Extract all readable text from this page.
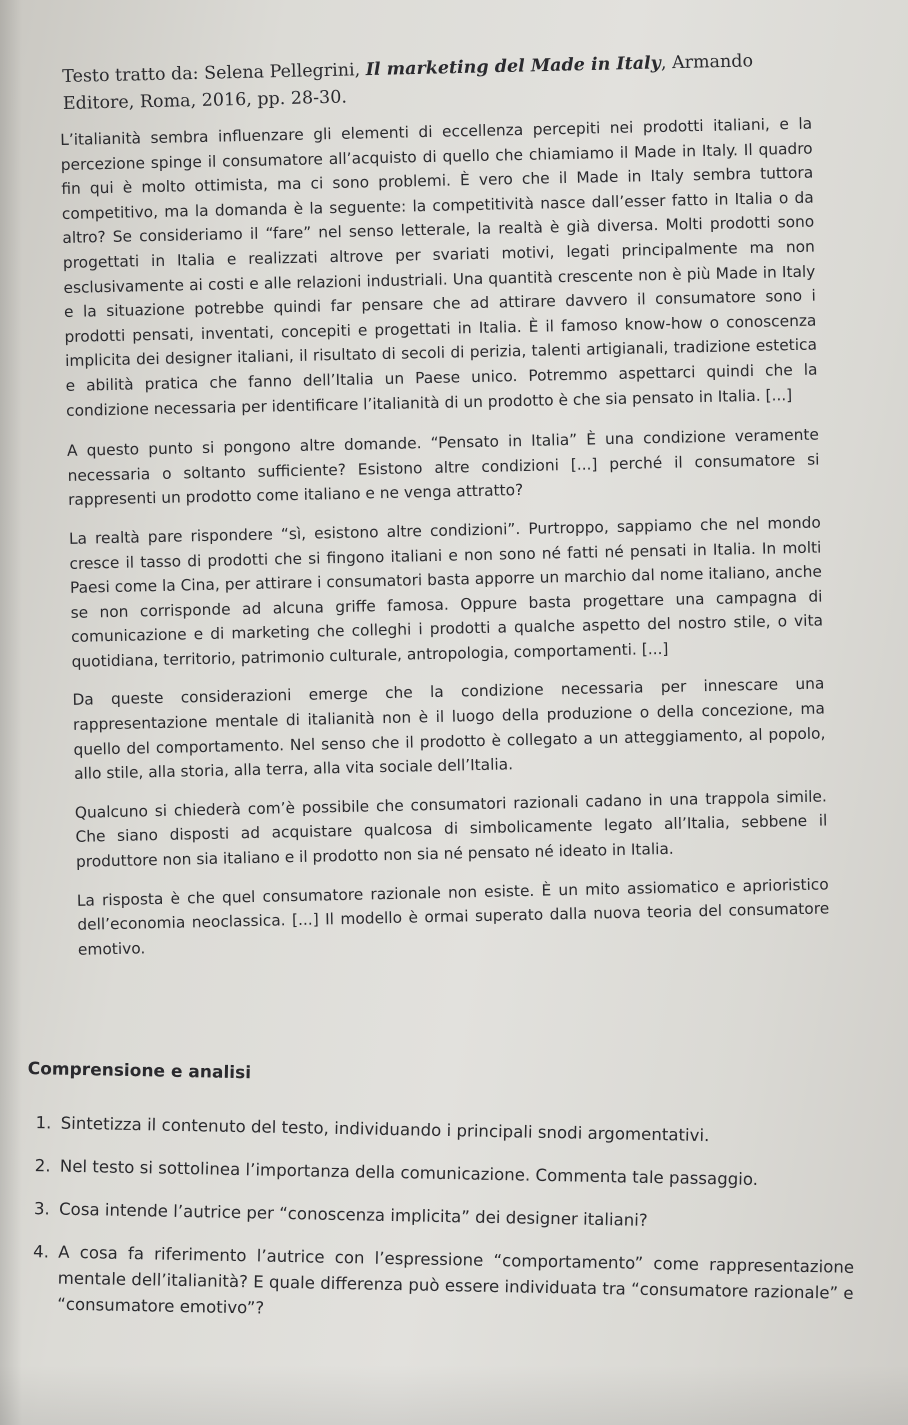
Testo tratto da: Selena Pellegrini, Il marketing del Made in Italy, Armando Editore, Roma, 2016, pp. 28-30.

L’italianità sembra influenzare gli elementi di eccellenza percepiti nei prodotti italiani, e la percezione spinge il consumatore all’acquisto di quello che chiamiamo il Made in Italy. Il quadro fin qui è molto ottimista, ma ci sono problemi. È vero che il Made in Italy sembra tuttora competitivo, ma la domanda è la seguente: la competitività nasce dall’esser fatto in Italia o da altro? Se consideriamo il “fare” nel senso letterale, la realtà è già diversa. Molti prodotti sono progettati in Italia e realizzati altrove per svariati motivi, legati principalmente ma non esclusivamente ai costi e alle relazioni industriali. Una quantità crescente non è più Made in Italy e la situazione potrebbe quindi far pensare che ad attirare davvero il consumatore sono i prodotti pensati, inventati, concepiti e progettati in Italia. È il famoso know-how o conoscenza implicita dei designer italiani, il risultato di secoli di perizia, talenti artigianali, tradizione estetica e abilità pratica che fanno dell’Italia un Paese unico. Potremmo aspettarci quindi che la condizione necessaria per identificare l’italianità di un prodotto è che sia pensato in Italia. [...]

A questo punto si pongono altre domande. “Pensato in Italia” È una condizione veramente necessaria o soltanto sufficiente? Esistono altre condizioni [...] perché il consumatore si rappresenti un prodotto come italiano e ne venga attratto?

La realtà pare rispondere “sì, esistono altre condizioni”. Purtroppo, sappiamo che nel mondo cresce il tasso di prodotti che si fingono italiani e non sono né fatti né pensati in Italia. In molti Paesi come la Cina, per attirare i consumatori basta apporre un marchio dal nome italiano, anche se non corrisponde ad alcuna griffe famosa. Oppure basta progettare una campagna di comunicazione e di marketing che colleghi i prodotti a qualche aspetto del nostro stile, o vita quotidiana, territorio, patrimonio culturale, antropologia, comportamenti. [...]

Da queste considerazioni emerge che la condizione necessaria per innescare una rappresentazione mentale di italianità non è il luogo della produzione o della concezione, ma quello del comportamento. Nel senso che il prodotto è collegato a un atteggiamento, al popolo, allo stile, alla storia, alla terra, alla vita sociale dell’Italia.

Qualcuno si chiederà com’è possibile che consumatori razionali cadano in una trappola simile. Che siano disposti ad acquistare qualcosa di simbolicamente legato all’Italia, sebbene il produttore non sia italiano e il prodotto non sia né pensato né ideato in Italia.

La risposta è che quel consumatore razionale non esiste. È un mito assiomatico e aprioristico dell’economia neoclassica. [...] Il modello è ormai superato dalla nuova teoria del consumatore emotivo.

Comprensione e analisi
1. Sintetizza il contenuto del testo, individuando i principali snodi argomentativi.
2. Nel testo si sottolinea l’importanza della comunicazione. Commenta tale passaggio.
3. Cosa intende l’autrice per “conoscenza implicita” dei designer italiani?
4. A cosa fa riferimento l’autrice con l’espressione “comportamento” come rappresentazione mentale dell’italianità? E quale differenza può essere individuata tra “consumatore razionale” e “consumatore emotivo”?
